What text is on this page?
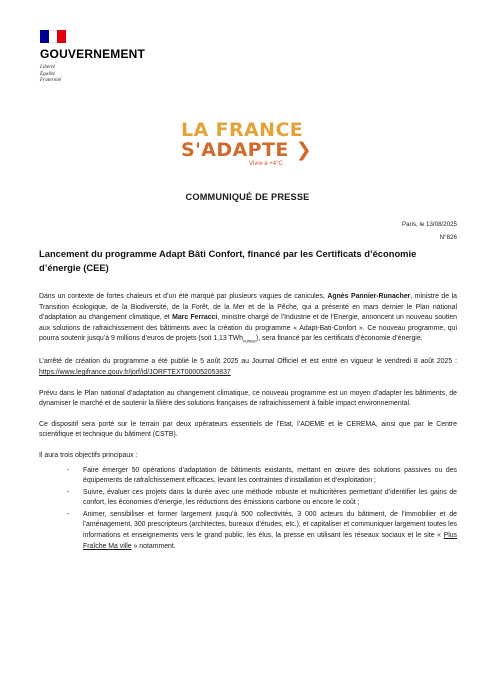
GOUVERNEMENT
Liberté
Égalité
Fraternité
LA FRANCE
S'ADAPTE ❯
Vivre à +4°C
COMMUNIQUÉ DE PRESSE
Paris, le 13/08/2025
N°826
Lancement du programme Adapt Bâti Confort, financé par les Certificats d’économie d’énergie (CEE)

Dans un contexte de fortes chaleurs et d’un été marqué par plusieurs vagues de canicules, Agnès Pannier-Runacher, ministre de la Transition écologique, de la Biodiversité, de la Forêt, de la Mer et de la Pêche, qui a présenté en mars dernier le Plan national d’adaptation au changement climatique, et Marc Ferracci, ministre chargé de l’Industrie et de l’Energie, annoncent un nouveau soutien aux solutions de rafraichissement des bâtiments avec la création du programme « Adapt-Bati-Confort ». Ce nouveau programme, qui pourra soutenir jusqu’à 9 millions d’euros de projets (soit 1,13 TWh$_{cumac}$), sera financé par les certificats d’économie d’énergie.

L’arrêté de création du programme a été publié le 5 août 2025 au Journal Officiel et est entré en vigueur le vendredi 8 août 2025 : https://www.legifrance.gouv.fr/jorf/id/JORFTEXT000052053837

Prévu dans le Plan national d’adaptation au changement climatique, ce nouveau programme est un moyen d’adapter les bâtiments, de dynamiser le marché et de soutenir la filière des solutions françaises de rafraichissement à faible impact environnemental.

Ce dispositif sera porté sur le terrain par deux opérateurs essentiels de l’Etat, l’ADEME et le CEREMA, ainsi que par le Centre scientifique et technique du bâtiment (CSTB).

Il aura trois objectifs principaux :

- Faire émerger 50 opérations d’adaptation de bâtiments existants, mettant en œuvre des solutions passives ou des équipements de rafraîchissement efficaces, levant les contraintes d’installation et d’exploitation ;
- Suivre, évaluer ces projets dans la durée avec une méthode robuste et multicritères permettant d’identifier les gains de confort, les économies d’énergie, les réductions des émissions carbone ou encore le coût ;
- Animer, sensibiliser et former largement jusqu’à 500 collectivités, 3 000 acteurs du bâtiment, de l’immobilier et de l’aménagement, 300 prescripteurs (architectes, bureaux d’études, etc.), et capitaliser et communiquer largement toutes les informations et enseignements vers le grand public, les élus, la presse en utilisant les réseaux sociaux et le site « Plus Fraîche Ma ville » notamment.
